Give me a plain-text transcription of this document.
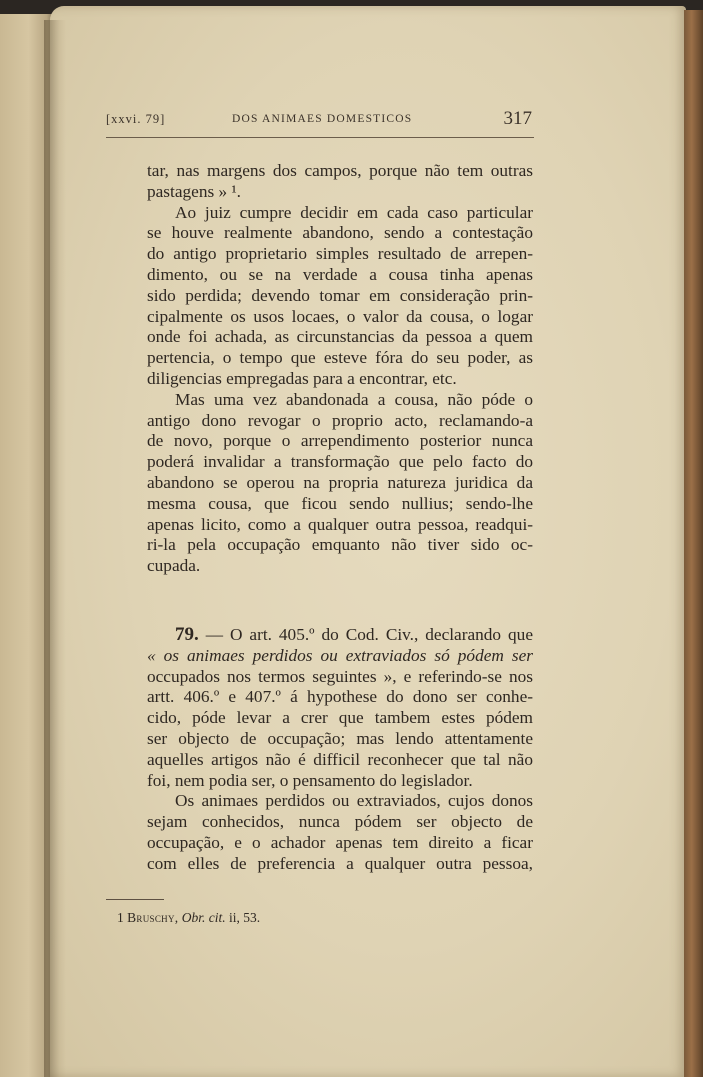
[xxvi. 79]	DOS ANIMAES DOMESTICOS	317
tar, nas margens dos campos, porque não tem outras
pastagens » ¹.
Ao juiz cumpre decidir em cada caso particular
se houve realmente abandono, sendo a contestação
do antigo proprietario simples resultado de arrepen-
dimento, ou se na verdade a cousa tinha apenas
sido perdida; devendo tomar em consideração prin-
cipalmente os usos locaes, o valor da cousa, o logar
onde foi achada, as circunstancias da pessoa a quem
pertencia, o tempo que esteve fóra do seu poder, as
diligencias empregadas para a encontrar, etc.
Mas uma vez abandonada a cousa, não póde o
antigo dono revogar o proprio acto, reclamando-a
de novo, porque o arrependimento posterior nunca
poderá invalidar a transformação que pelo facto do
abandono se operou na propria natureza juridica da
mesma cousa, que ficou sendo nullius; sendo-lhe
apenas licito, como a qualquer outra pessoa, readqui-
ri-la pela occupação emquanto não tiver sido oc-
cupada.
79. — O art. 405.º do Cod. Civ., declarando que
« os animaes perdidos ou extraviados só pódem ser
occupados nos termos seguintes », e referindo-se nos
artt. 406.º e 407.º á hypothese do dono ser conhe-
cido, póde levar a crer que tambem estes pódem
ser objecto de occupação; mas lendo attentamente
aquelles artigos não é difficil reconhecer que tal não
foi, nem podia ser, o pensamento do legislador.
Os animaes perdidos ou extraviados, cujos donos
sejam conhecidos, nunca pódem ser objecto de
occupação, e o achador apenas tem direito a ficar
com elles de preferencia a qualquer outra pessoa,
1 Bruschy, Obr. cit. ii, 53.
